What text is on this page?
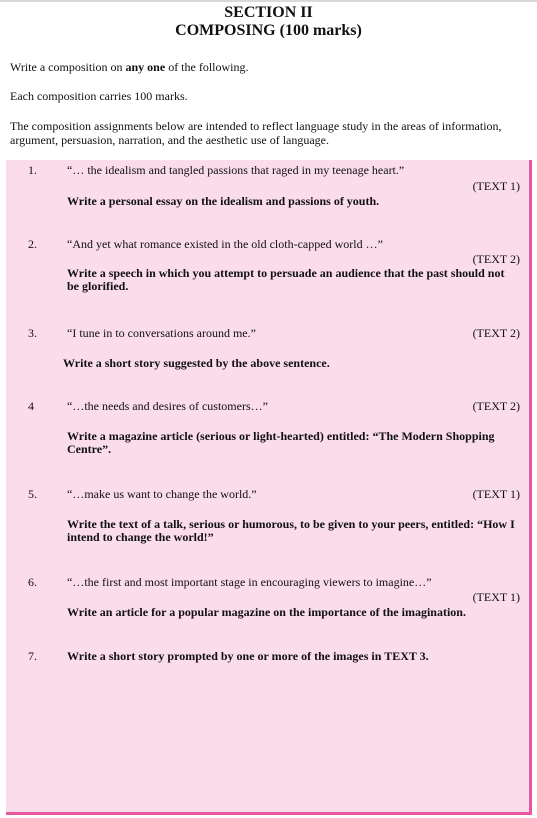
SECTION II
COMPOSING (100 marks)
Write a composition on any one of the following.
Each composition carries 100 marks.
The composition assignments below are intended to reflect language study in the areas of information, argument, persuasion, narration, and the aesthetic use of language.
1.	“… the idealism and tangled passions that raged in my teenage heart.”
(TEXT 1)
Write a personal essay on the idealism and passions of youth.
2.	“And yet what romance existed in the old cloth-capped world …”
(TEXT 2)
Write a speech in which you attempt to persuade an audience that the past should not be glorified.
3.	“I tune in to conversations around me.”	(TEXT 2)
Write a short story suggested by the above sentence.
4	“…the needs and desires of customers…”	(TEXT 2)
Write a magazine article (serious or light-hearted) entitled: “The Modern Shopping Centre”.
5.	“…make us want to change the world.”	(TEXT 1)
Write the text of a talk, serious or humorous, to be given to your peers, entitled: “How I intend to change the world!”
6.	“…the first and most important stage in encouraging viewers to imagine…”
(TEXT 1)
Write an article for a popular magazine on the importance of the imagination.
7.	Write a short story prompted by one or more of the images in TEXT 3.
